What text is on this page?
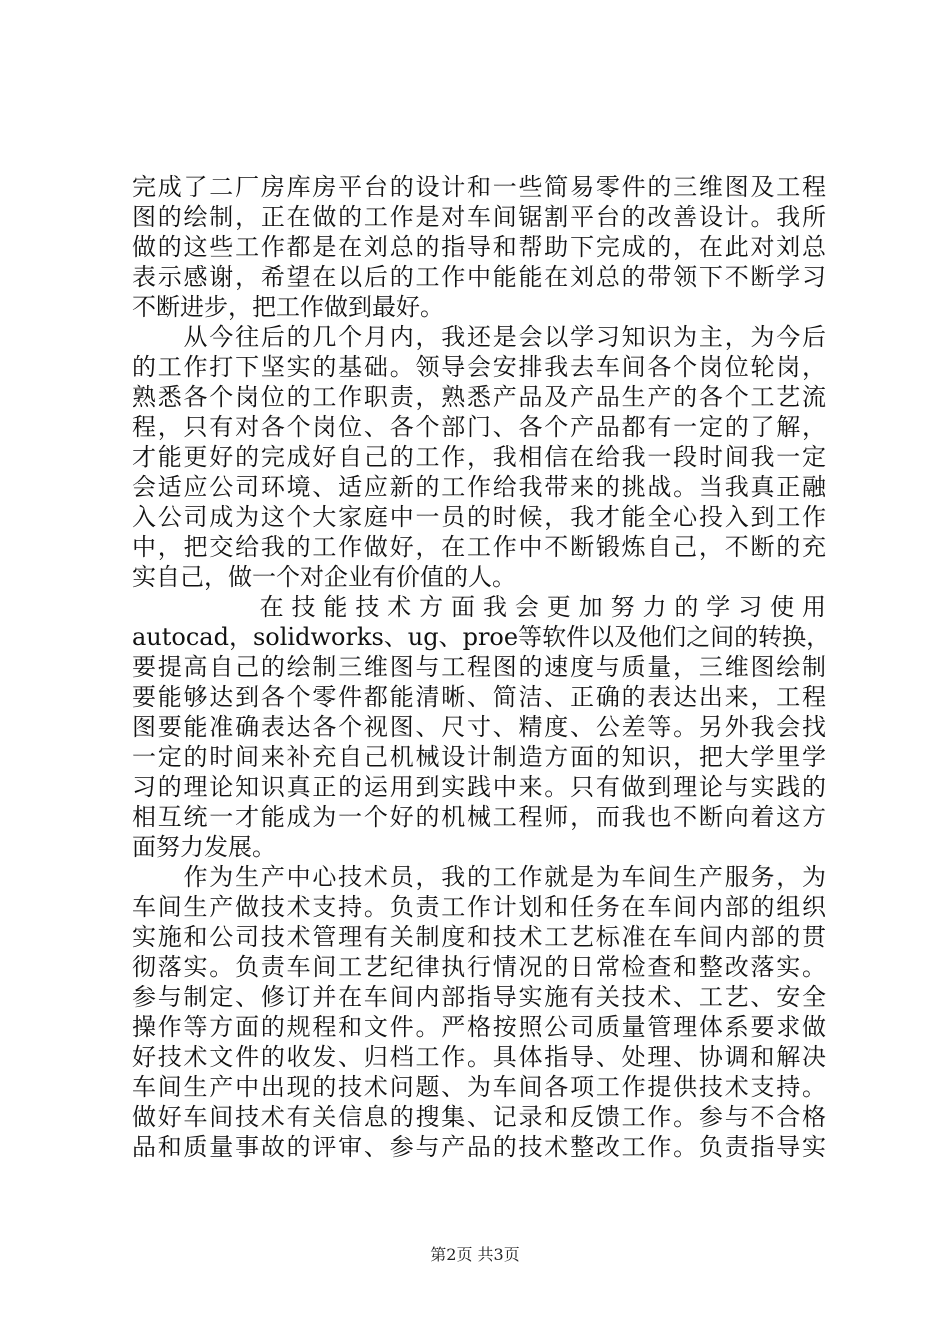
完成了二厂房库房平台的设计和一些简易零件的三维图及工程
图的绘制，正在做的工作是对车间锯割平台的改善设计。我所
做的这些工作都是在刘总的指导和帮助下完成的，在此对刘总
表示感谢，希望在以后的工作中能能在刘总的带领下不断学习
不断进步，把工作做到最好。
　　从今往后的几个月内，我还是会以学习知识为主，为今后
的工作打下坚实的基础。领导会安排我去车间各个岗位轮岗，
熟悉各个岗位的工作职责，熟悉产品及产品生产的各个工艺流
程，只有对各个岗位、各个部门、各个产品都有一定的了解，
才能更好的完成好自己的工作，我相信在给我一段时间我一定
会适应公司环境、适应新的工作给我带来的挑战。当我真正融
入公司成为这个大家庭中一员的时候，我才能全心投入到工作
中，把交给我的工作做好，在工作中不断锻炼自己，不断的充
实自己，做一个对企业有价值的人。
　　　　在技能技术方面我会更加努力的学习使用
autocad，solidworks、ug、proe等软件以及他们之间的转换，
要提高自己的绘制三维图与工程图的速度与质量，三维图绘制
要能够达到各个零件都能清晰、简洁、正确的表达出来，工程
图要能准确表达各个视图、尺寸、精度、公差等。另外我会找
一定的时间来补充自己机械设计制造方面的知识，把大学里学
习的理论知识真正的运用到实践中来。只有做到理论与实践的
相互统一才能成为一个好的机械工程师，而我也不断向着这方
面努力发展。
　　作为生产中心技术员，我的工作就是为车间生产服务，为
车间生产做技术支持。负责工作计划和任务在车间内部的组织
实施和公司技术管理有关制度和技术工艺标准在车间内部的贯
彻落实。负责车间工艺纪律执行情况的日常检查和整改落实。
参与制定、修订并在车间内部指导实施有关技术、工艺、安全
操作等方面的规程和文件。严格按照公司质量管理体系要求做
好技术文件的收发、归档工作。具体指导、处理、协调和解决
车间生产中出现的技术问题、为车间各项工作提供技术支持。
做好车间技术有关信息的搜集、记录和反馈工作。参与不合格
品和质量事故的评审、参与产品的技术整改工作。负责指导实
第2页 共3页
